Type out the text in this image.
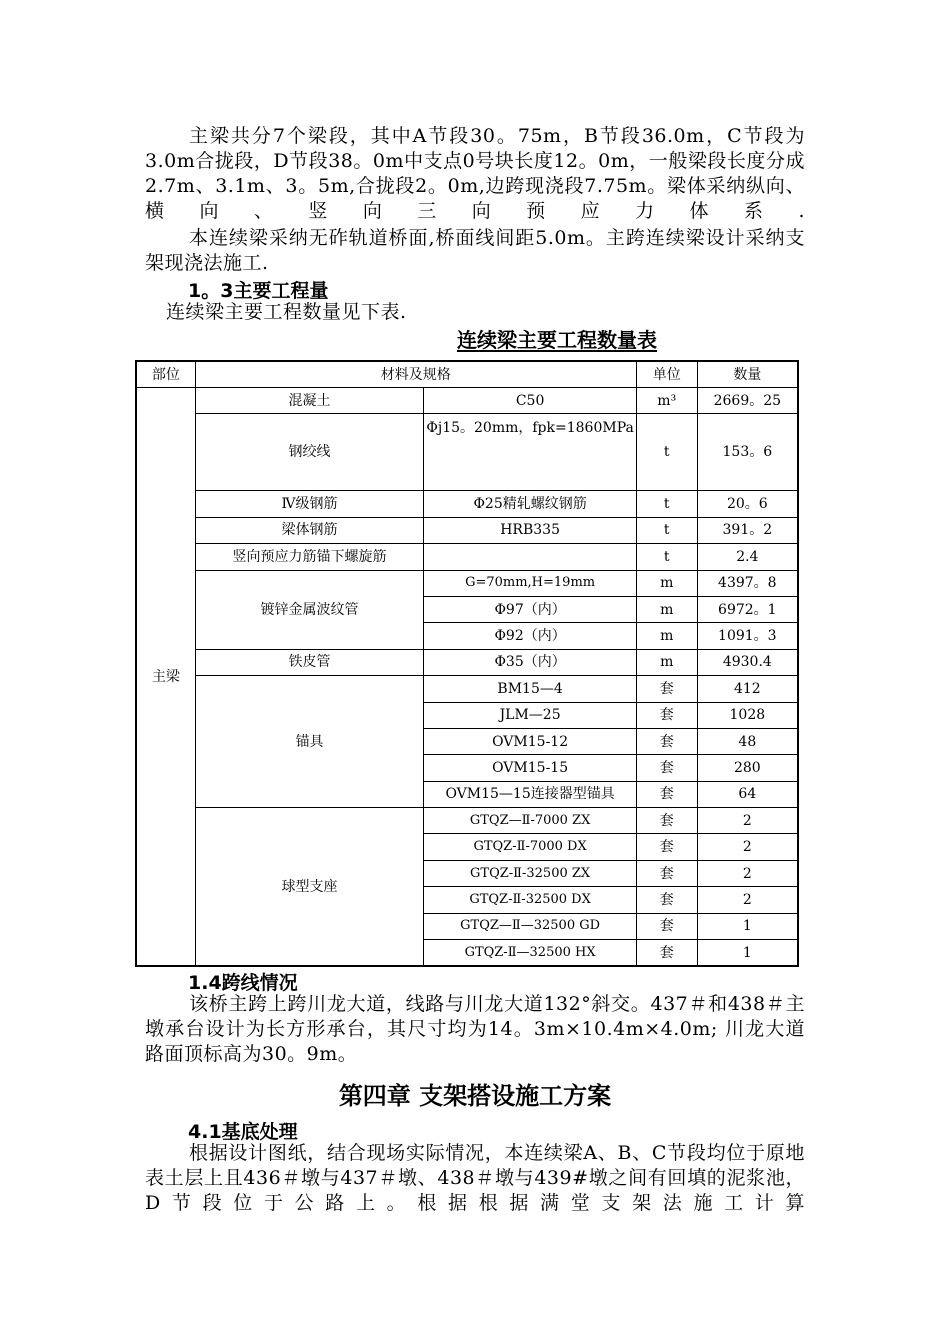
主梁共分7个梁段，其中A节段30。75m，B节段36.0m，C节段为3.0m合拢段，D节段38。0m中支点0号块长度12。0m，一般梁段长度分成2.7m、3.1m、3。5m,合拢段2。0m,边跨现浇段7.75m。梁体采纳纵向、横向、竖向三向预应力体系.

本连续梁采纳无砟轨道桥面,桥面线间距5.0m。主跨连续梁设计采纳支架现浇法施工.

1。3主要工程量

连续梁主要工程数量见下表.

连续梁主要工程数量表

部位	材料及规格		单位	数量
主梁	混凝土	C50	m³	2669。25
	钢绞线	Φj15。20mm，fpk=1860MPa	t	153。6
	Ⅳ级钢筋	Φ25精轧螺纹钢筋	t	20。6
	梁体钢筋	HRB335	t	391。2
	竖向预应力筋锚下螺旋筋		t	2.4
	镀锌金属波纹管	G=70mm,H=19mm	m	4397。8
		Φ97（内）	m	6972。1
		Φ92（内）	m	1091。3
	铁皮管	Φ35（内）	m	4930.4
	锚具	BM15—4	套	412
		JLM—25	套	1028
		OVM15-12	套	48
		OVM15-15	套	280
		OVM15—15连接器型锚具	套	64
	球型支座	GTQZ—Ⅱ-7000 ZX	套	2
		GTQZ-Ⅱ-7000 DX	套	2
		GTQZ-Ⅱ-32500 ZX	套	2
		GTQZ-Ⅱ-32500 DX	套	2
		GTQZ—Ⅱ—32500 GD	套	1
		GTQZ-Ⅱ—32500 HX	套	1

1.4跨线情况

该桥主跨上跨川龙大道，线路与川龙大道132°斜交。437＃和438＃主墩承台设计为长方形承台，其尺寸均为14。3m×10.4m×4.0m; 川龙大道路面顶标高为30。9m。

第四章 支架搭设施工方案

4.1基底处理

根据设计图纸，结合现场实际情况，本连续梁A、B、C节段均位于原地表土层上且436＃墩与437＃墩、438＃墩与439#墩之间有回填的泥浆池，D节段位于公路上。根据根据满堂支架法施工计算
